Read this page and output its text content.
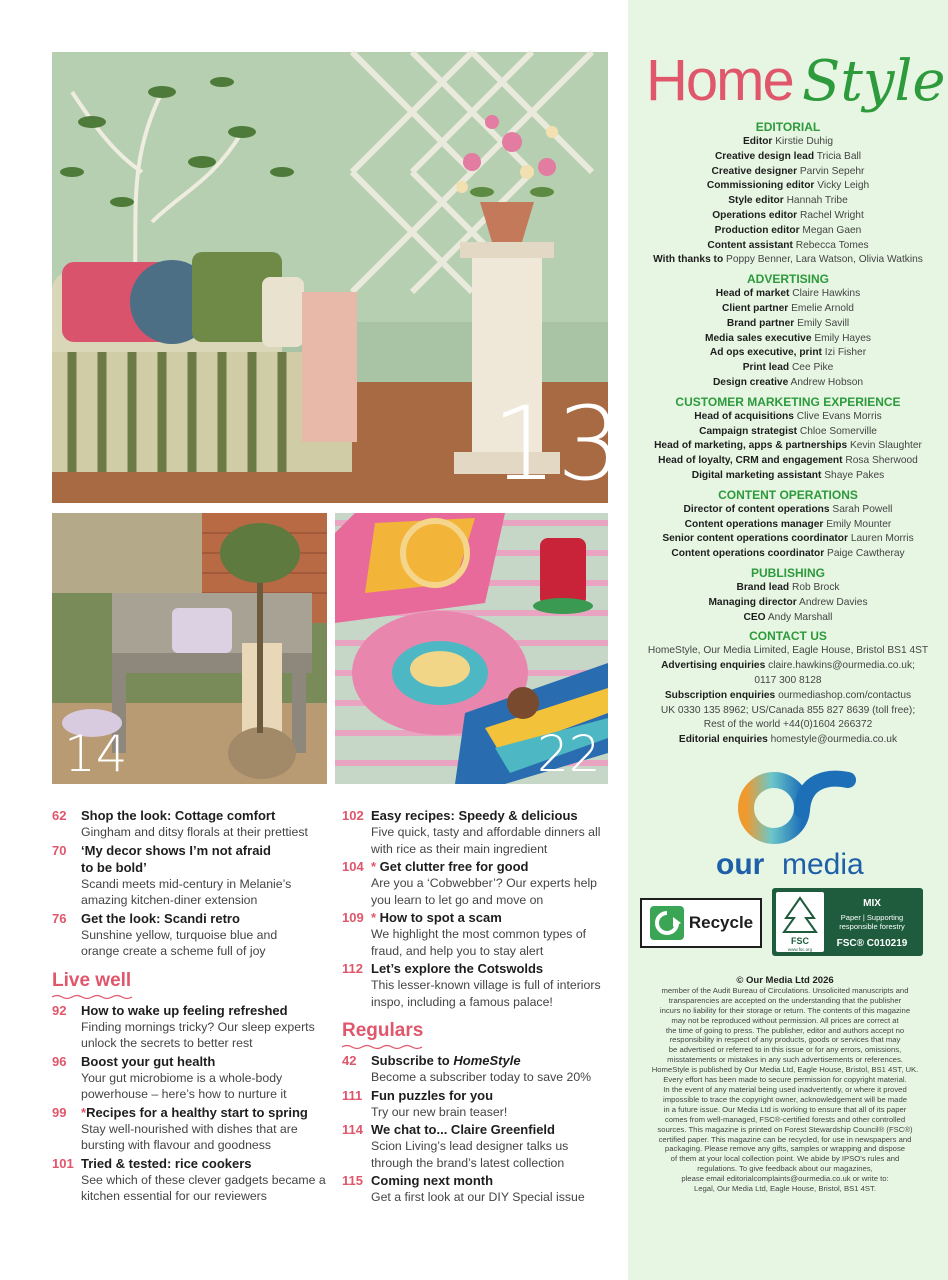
13
14	22
62	Shop the look: Cottage comfort
Gingham and ditsy florals at their prettiest
70	‘My decor shows I’m not afraid to be bold’
Scandi meets mid-century in Melanie’s amazing kitchen-diner extension
76	Get the look: Scandi retro
Sunshine yellow, turquoise blue and orange create a scheme full of joy
Live well
92	How to wake up feeling refreshed
Finding mornings tricky? Our sleep experts unlock the secrets to better rest
96	Boost your gut health
Your gut microbiome is a whole-body powerhouse – here’s how to nurture it
99	*Recipes for a healthy start to spring
Stay well-nourished with dishes that are bursting with flavour and goodness
101 Tried & tested: rice cookers
See which of these clever gadgets became a kitchen essential for our reviewers
102 Easy recipes: Speedy & delicious
Five quick, tasty and affordable dinners all with rice as their main ingredient
104 * Get clutter free for good
Are you a ‘Cobwebber’? Our experts help you learn to let go and move on
109 * How to spot a scam
We highlight the most common types of fraud, and help you to stay alert
112 Let’s explore the Cotswolds
This lesser-known village is full of interiors inspo, including a famous palace!
Regulars
42	Subscribe to HomeStyle
Become a subscriber today to save 20%
111 Fun puzzles for you
Try our new brain teaser!
114 We chat to... Claire Greenfield
Scion Living’s lead designer talks us through the brand’s latest collection
115 Coming next month
Get a first look at our DIY Special issue
Home Style
EDITORIAL
Editor Kirstie Duhig
Creative design lead Tricia Ball
Creative designer Parvin Sepehr
Commissioning editor Vicky Leigh
Style editor Hannah Tribe
Operations editor Rachel Wright
Production editor Megan Gaen
Content assistant Rebecca Tomes
With thanks to Poppy Benner, Lara Watson, Olivia Watkins
ADVERTISING
Head of market Claire Hawkins
Client partner Emelie Arnold
Brand partner Emily Savill
Media sales executive Emily Hayes
Ad ops executive, print Izi Fisher
Print lead Cee Pike
Design creative Andrew Hobson
CUSTOMER MARKETING EXPERIENCE
Head of acquisitions Clive Evans Morris
Campaign strategist Chloe Somerville
Head of marketing, apps & partnerships Kevin Slaughter
Head of loyalty, CRM and engagement Rosa Sherwood
Digital marketing assistant Shaye Pakes
CONTENT OPERATIONS
Director of content operations Sarah Powell
Content operations manager Emily Mounter
Senior content operations coordinator Lauren Morris
Content operations coordinator Paige Cawtheray
PUBLISHING
Brand lead Rob Brock
Managing director Andrew Davies
CEO Andy Marshall
CONTACT US
HomeStyle, Our Media Limited, Eagle House, Bristol BS1 4ST
Advertising enquiries claire.hawkins@ourmedia.co.uk;
0117 300 8128
Subscription enquiries ourmediashop.com/contactus
UK 0330 135 8962; US/Canada 855 827 8639 (toll free);
Rest of the world +44(0)1604 266372
Editorial enquiries homestyle@ourmedia.co.uk
our media
Recycle
FSC
www.fsc.org
MIX
Paper | Supporting
responsible forestry
FSC® C010219
© Our Media Ltd 2026
member of the Audit Bureau of Circulations. Unsolicited manuscripts and
transparencies are accepted on the understanding that the publisher
incurs no liability for their storage or return. The contents of this magazine
may not be reproduced without permission. All prices are correct at
the time of going to press. The publisher, editor and authors accept no
responsibility in respect of any products, goods or services that may
be advertised or referred to in this issue or for any errors, omissions,
misstatements or mistakes in any such advertisements or references.
HomeStyle is published by Our Media Ltd, Eagle House, Bristol, BS1 4ST, UK.
Every effort has been made to secure permission for copyright material.
In the event of any material being used inadvertently, or where it proved
impossible to trace the copyright owner, acknowledgement will be made
in a future issue. Our Media Ltd is working to ensure that all of its paper
comes from well-managed, FSC®-certified forests and other controlled
sources. This magazine is printed on Forest Stewardship Council® (FSC®)
certified paper. This magazine can be recycled, for use in newspapers and
packaging. Please remove any gifts, samples or wrapping and dispose
of them at your local collection point. We abide by IPSO's rules and
regulations. To give feedback about our magazines,
please email editorialcomplaints@ourmedia.co.uk or write to:
Legal, Our Media Ltd, Eagle House, Bristol, BS1 4ST.
